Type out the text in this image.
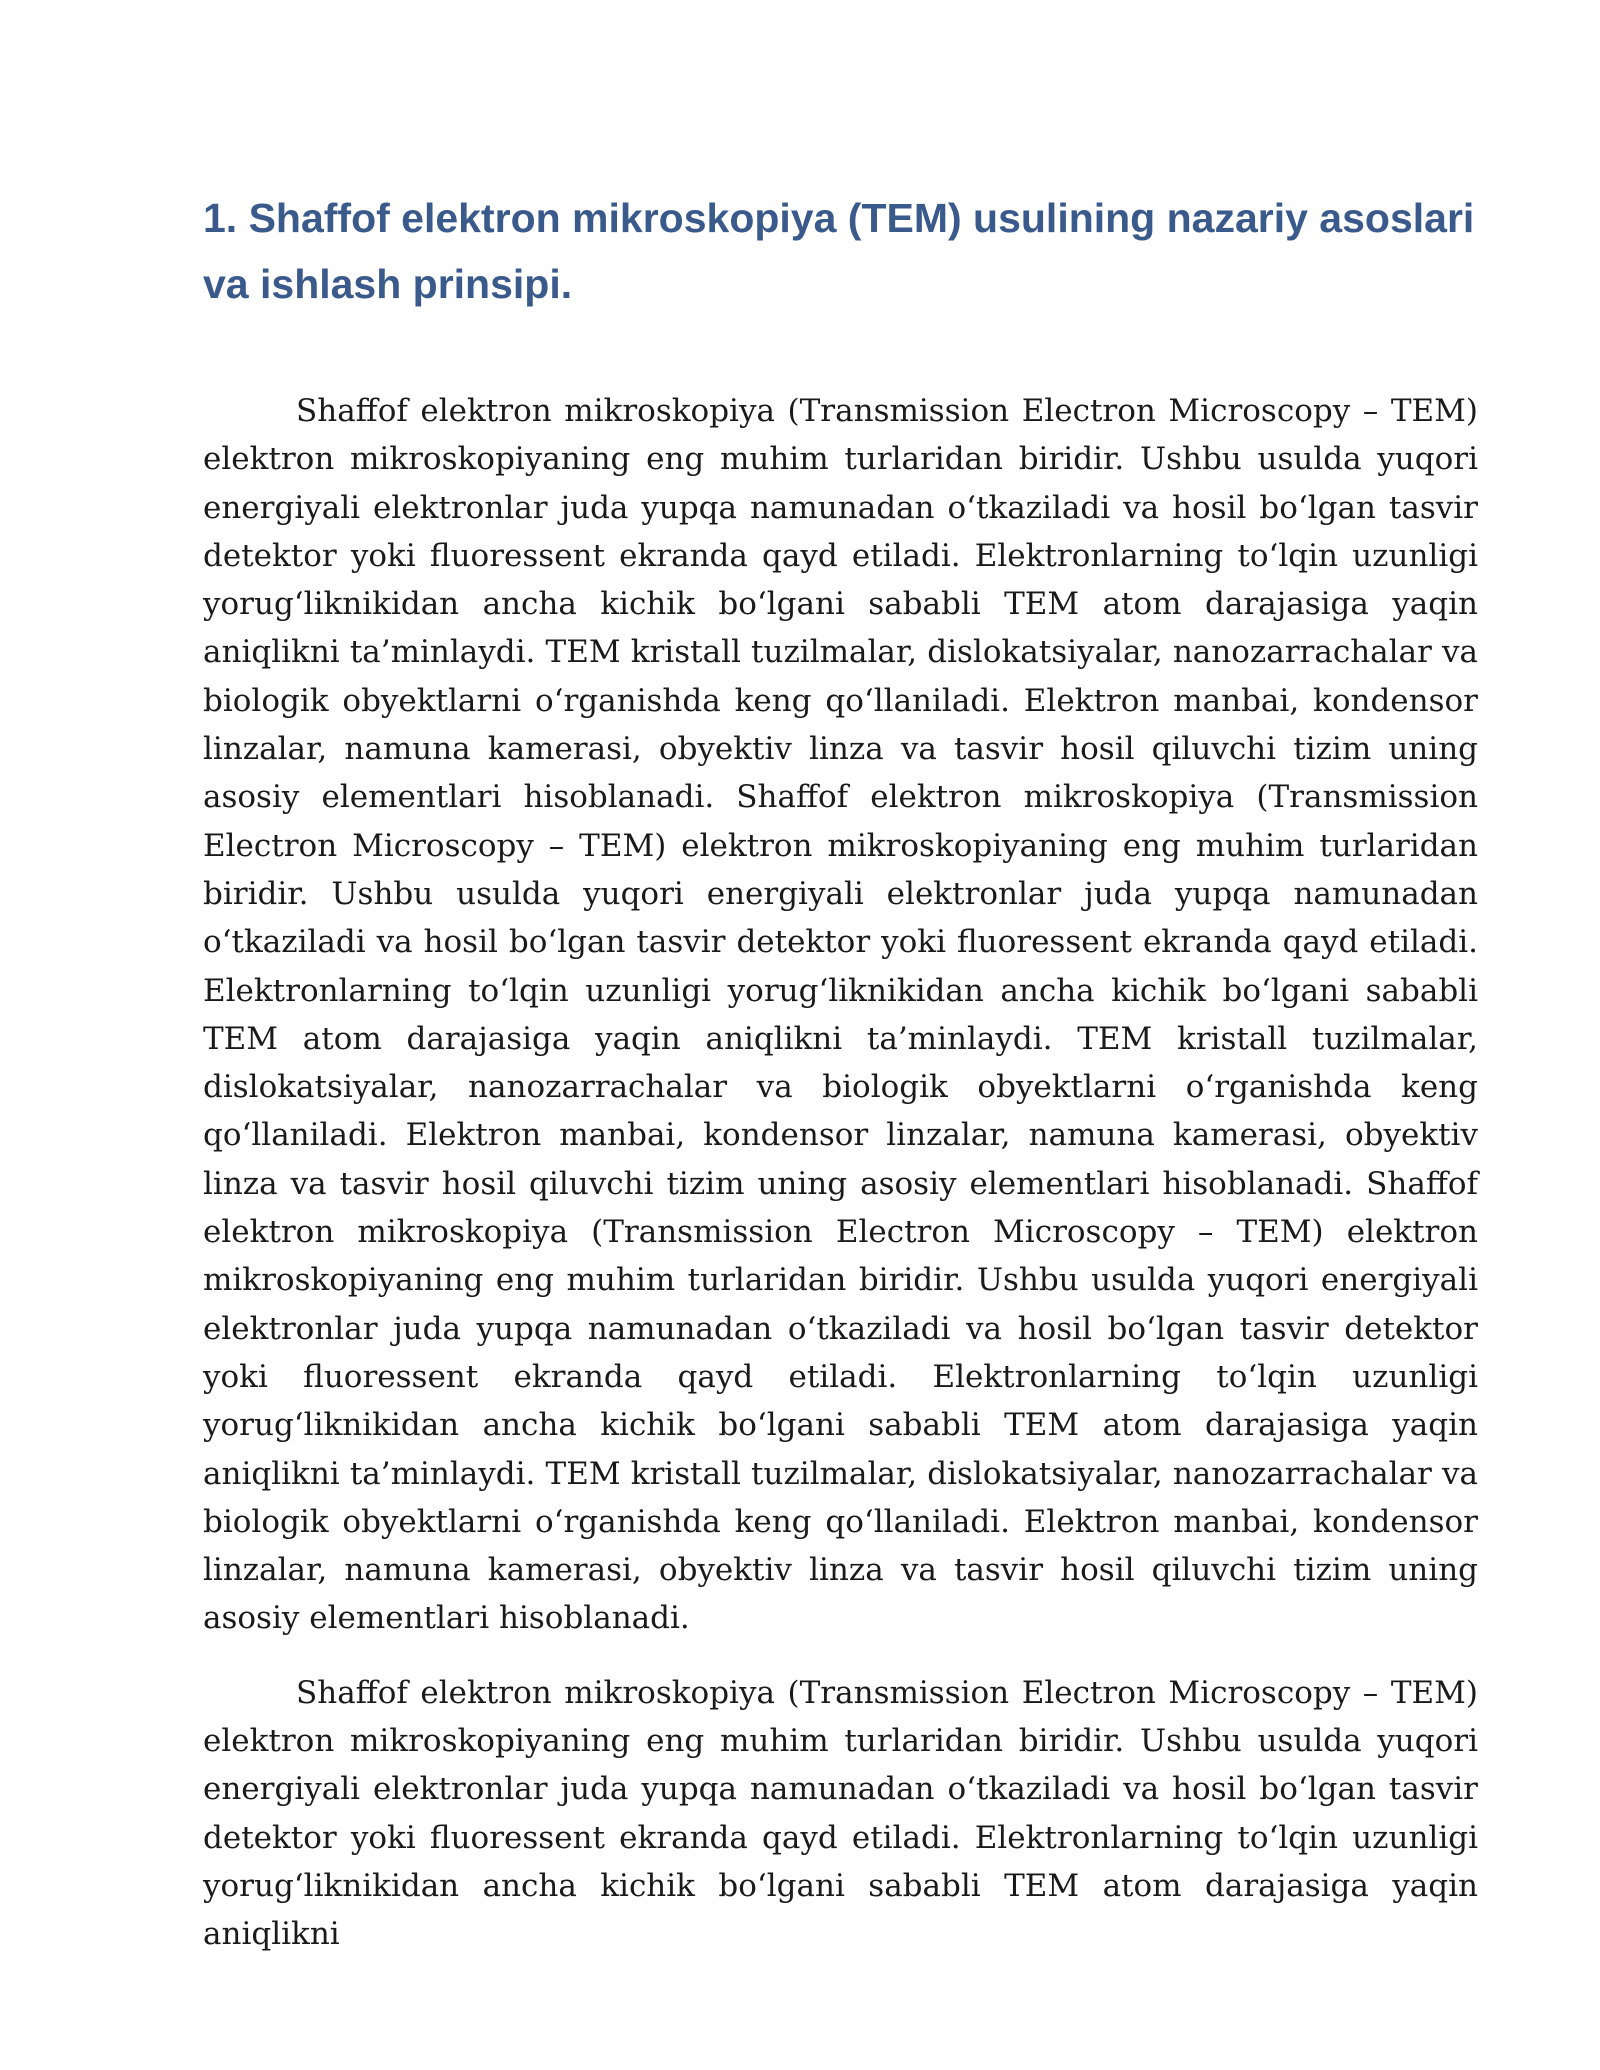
1. Shaffof elektron mikroskopiya (TEM) usulining nazariy asoslari va ishlash prinsipi.

Shaffof elektron mikroskopiya (Transmission Electron Microscopy – TEM) elektron mikroskopiyaning eng muhim turlaridan biridir. Ushbu usulda yuqori energiyali elektronlar juda yupqa namunadan o‘tkaziladi va hosil bo‘lgan tasvir detektor yoki fluoressent ekranda qayd etiladi. Elektronlarning to‘lqin uzunligi yorug‘liknikidan ancha kichik bo‘lgani sababli TEM atom darajasiga yaqin aniqlikni ta’minlaydi. TEM kristall tuzilmalar, dislokatsiyalar, nanozarrachalar va biologik obyektlarni o‘rganishda keng qo‘llaniladi. Elektron manbai, kondensor linzalar, namuna kamerasi, obyektiv linza va tasvir hosil qiluvchi tizim uning asosiy elementlari hisoblanadi. Shaffof elektron mikroskopiya (Transmission Electron Microscopy – TEM) elektron mikroskopiyaning eng muhim turlaridan biridir. Ushbu usulda yuqori energiyali elektronlar juda yupqa namunadan o‘tkaziladi va hosil bo‘lgan tasvir detektor yoki fluoressent ekranda qayd etiladi. Elektronlarning to‘lqin uzunligi yorug‘liknikidan ancha kichik bo‘lgani sababli TEM atom darajasiga yaqin aniqlikni ta’minlaydi. TEM kristall tuzilmalar, dislokatsiyalar, nanozarrachalar va biologik obyektlarni o‘rganishda keng qo‘llaniladi. Elektron manbai, kondensor linzalar, namuna kamerasi, obyektiv linza va tasvir hosil qiluvchi tizim uning asosiy elementlari hisoblanadi. Shaffof elektron mikroskopiya (Transmission Electron Microscopy – TEM) elektron mikroskopiyaning eng muhim turlaridan biridir. Ushbu usulda yuqori energiyali elektronlar juda yupqa namunadan o‘tkaziladi va hosil bo‘lgan tasvir detektor yoki fluoressent ekranda qayd etiladi. Elektronlarning to‘lqin uzunligi yorug‘liknikidan ancha kichik bo‘lgani sababli TEM atom darajasiga yaqin aniqlikni ta’minlaydi. TEM kristall tuzilmalar, dislokatsiyalar, nanozarrachalar va biologik obyektlarni o‘rganishda keng qo‘llaniladi. Elektron manbai, kondensor linzalar, namuna kamerasi, obyektiv linza va tasvir hosil qiluvchi tizim uning asosiy elementlari hisoblanadi.

Shaffof elektron mikroskopiya (Transmission Electron Microscopy – TEM) elektron mikroskopiyaning eng muhim turlaridan biridir. Ushbu usulda yuqori energiyali elektronlar juda yupqa namunadan o‘tkaziladi va hosil bo‘lgan tasvir detektor yoki fluoressent ekranda qayd etiladi. Elektronlarning to‘lqin uzunligi yorug‘liknikidan ancha kichik bo‘lgani sababli TEM atom darajasiga yaqin aniqlikni
